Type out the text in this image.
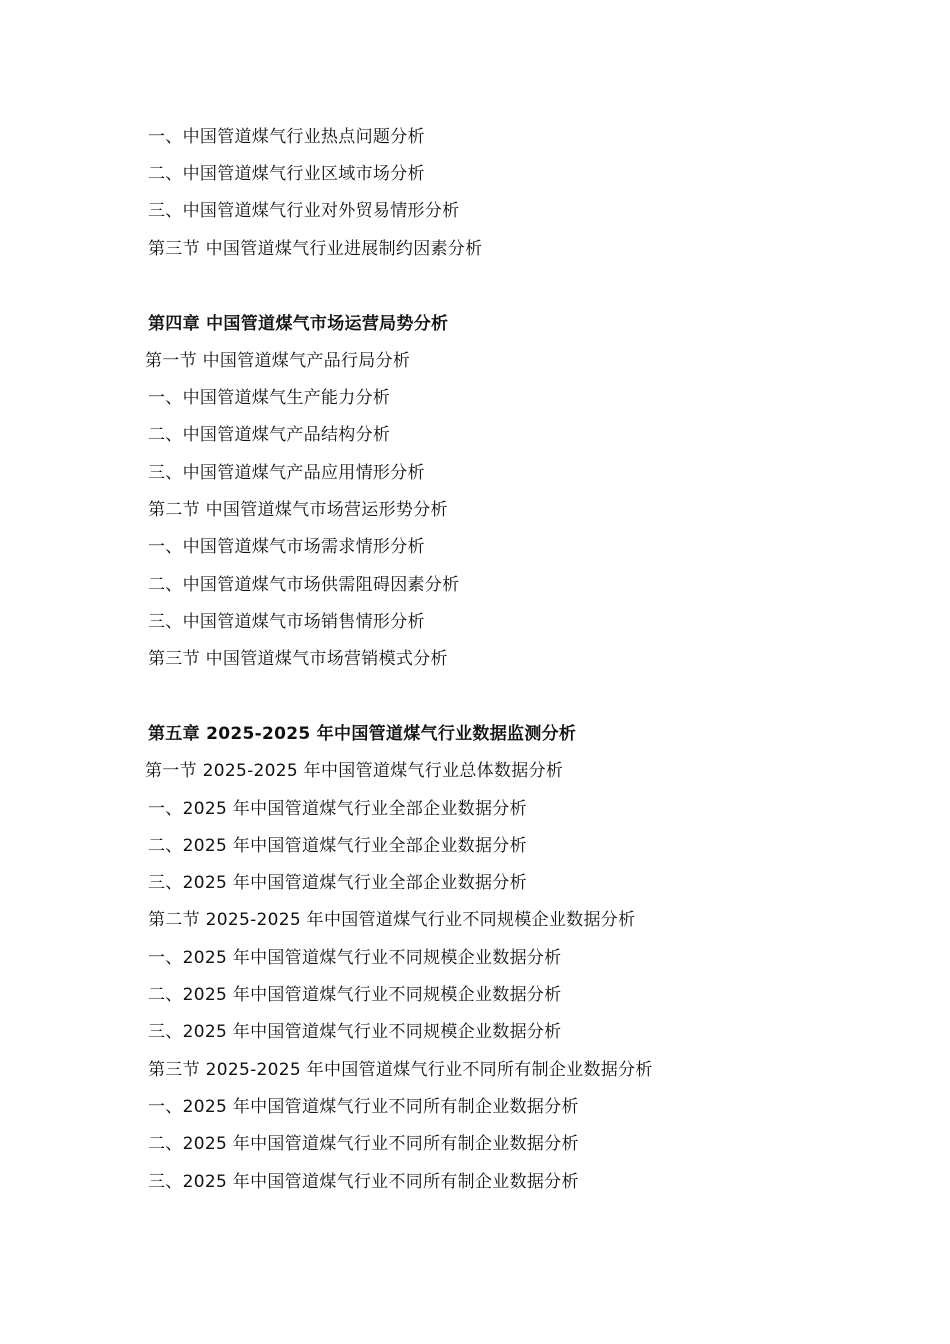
一、中国管道煤气行业热点问题分析
二、中国管道煤气行业区域市场分析
三、中国管道煤气行业对外贸易情形分析
第三节 中国管道煤气行业进展制约因素分析
第四章 中国管道煤气市场运营局势分析
第一节 中国管道煤气产品行局分析
一、中国管道煤气生产能力分析
二、中国管道煤气产品结构分析
三、中国管道煤气产品应用情形分析
第二节 中国管道煤气市场营运形势分析
一、中国管道煤气市场需求情形分析
二、中国管道煤气市场供需阻碍因素分析
三、中国管道煤气市场销售情形分析
第三节 中国管道煤气市场营销模式分析
第五章 2025-2025 年中国管道煤气行业数据监测分析
第一节 2025-2025 年中国管道煤气行业总体数据分析
一、2025 年中国管道煤气行业全部企业数据分析
二、2025 年中国管道煤气行业全部企业数据分析
三、2025 年中国管道煤气行业全部企业数据分析
第二节 2025-2025 年中国管道煤气行业不同规模企业数据分析
一、2025 年中国管道煤气行业不同规模企业数据分析
二、2025 年中国管道煤气行业不同规模企业数据分析
三、2025 年中国管道煤气行业不同规模企业数据分析
第三节 2025-2025 年中国管道煤气行业不同所有制企业数据分析
一、2025 年中国管道煤气行业不同所有制企业数据分析
二、2025 年中国管道煤气行业不同所有制企业数据分析
三、2025 年中国管道煤气行业不同所有制企业数据分析
